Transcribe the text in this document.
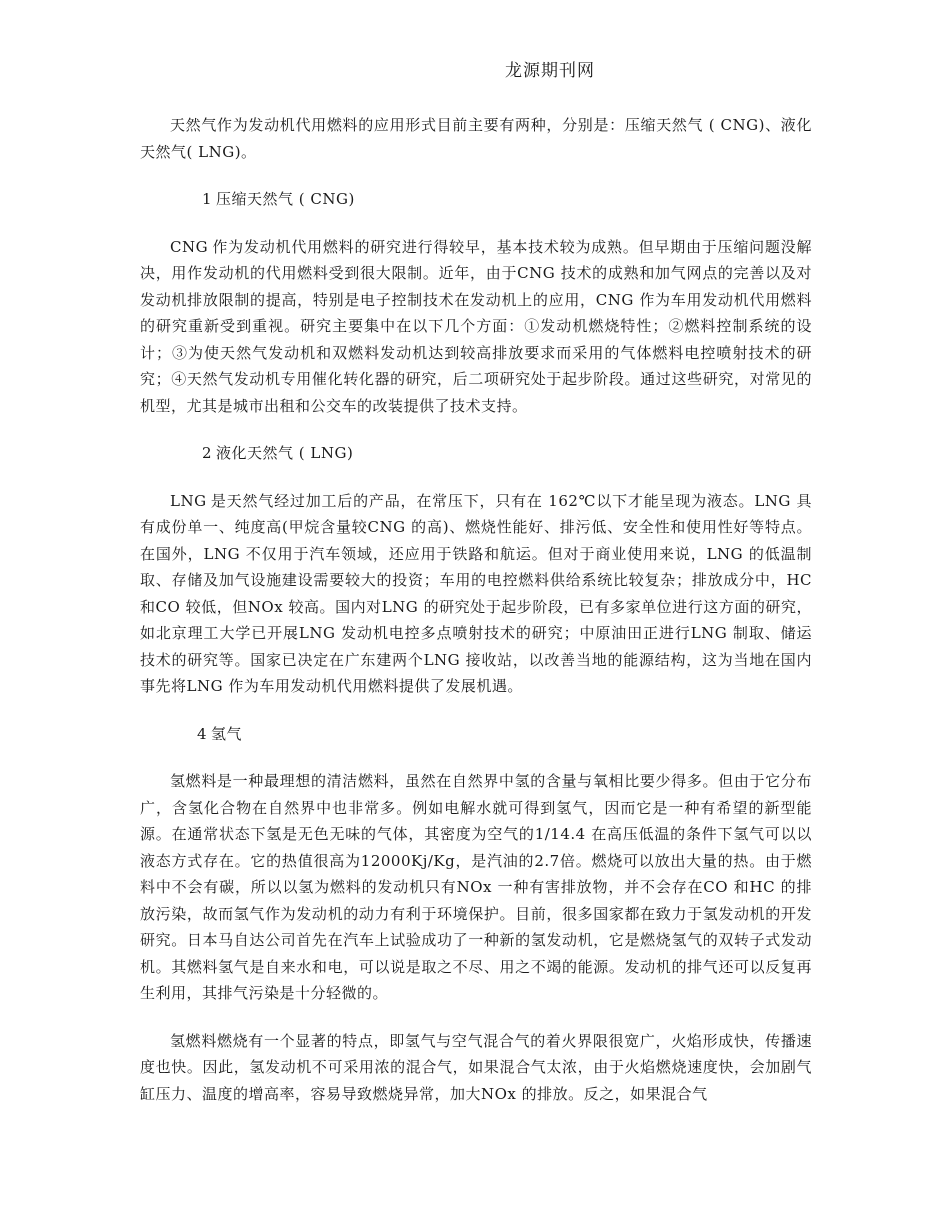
龙源期刊网

天然气作为发动机代用燃料的应用形式目前主要有两种，分别是：压缩天然气 ( CNG)、液化天然气( LNG)。

1 压缩天然气 ( CNG)

CNG 作为发动机代用燃料的研究进行得较早，基本技术较为成熟。但早期由于压缩问题没解决，用作发动机的代用燃料受到很大限制。近年，由于CNG 技术的成熟和加气网点的完善以及对发动机排放限制的提高，特别是电子控制技术在发动机上的应用，CNG 作为车用发动机代用燃料的研究重新受到重视。研究主要集中在以下几个方面：①发动机燃烧特性；②燃料控制系统的设计；③为使天然气发动机和双燃料发动机达到较高排放要求而采用的气体燃料电控喷射技术的研究；④天然气发动机专用催化转化器的研究，后二项研究处于起步阶段。通过这些研究，对常见的机型，尤其是城市出租和公交车的改装提供了技术支持。

2 液化天然气 ( LNG)

LNG 是天然气经过加工后的产品，在常压下，只有在 162℃以下才能呈现为液态。LNG 具有成份单一、纯度高(甲烷含量较CNG 的高)、燃烧性能好、排污低、安全性和使用性好等特点。在国外，LNG 不仅用于汽车领域，还应用于铁路和航运。但对于商业使用来说，LNG 的低温制取、存储及加气设施建设需要较大的投资；车用的电控燃料供给系统比较复杂；排放成分中，HC 和CO 较低，但NOx 较高。国内对LNG 的研究处于起步阶段，已有多家单位进行这方面的研究，如北京理工大学已开展LNG 发动机电控多点喷射技术的研究；中原油田正进行LNG 制取、储运技术的研究等。国家已决定在广东建两个LNG 接收站，以改善当地的能源结构，这为当地在国内事先将LNG 作为车用发动机代用燃料提供了发展机遇。

4 氢气

氢燃料是一种最理想的清洁燃料，虽然在自然界中氢的含量与氧相比要少得多。但由于它分布广，含氢化合物在自然界中也非常多。例如电解水就可得到氢气，因而它是一种有希望的新型能源。在通常状态下氢是无色无味的气体，其密度为空气的1/14.4 在高压低温的条件下氢气可以以液态方式存在。它的热值很高为12000Kj/Kg，是汽油的2.7倍。燃烧可以放出大量的热。由于燃料中不会有碳，所以以氢为燃料的发动机只有NOx 一种有害排放物，并不会存在CO 和HC 的排放污染，故而氢气作为发动机的动力有利于环境保护。目前，很多国家都在致力于氢发动机的开发研究。日本马自达公司首先在汽车上试验成功了一种新的氢发动机，它是燃烧氢气的双转子式发动机。其燃料氢气是自来水和电，可以说是取之不尽、用之不竭的能源。发动机的排气还可以反复再生利用，其排气污染是十分轻微的。

氢燃料燃烧有一个显著的特点，即氢气与空气混合气的着火界限很宽广，火焰形成快，传播速度也快。因此，氢发动机不可采用浓的混合气，如果混合气太浓，由于火焰燃烧速度快，会加剧气缸压力、温度的增高率，容易导致燃烧异常，加大NOx 的排放。反之，如果混合气
